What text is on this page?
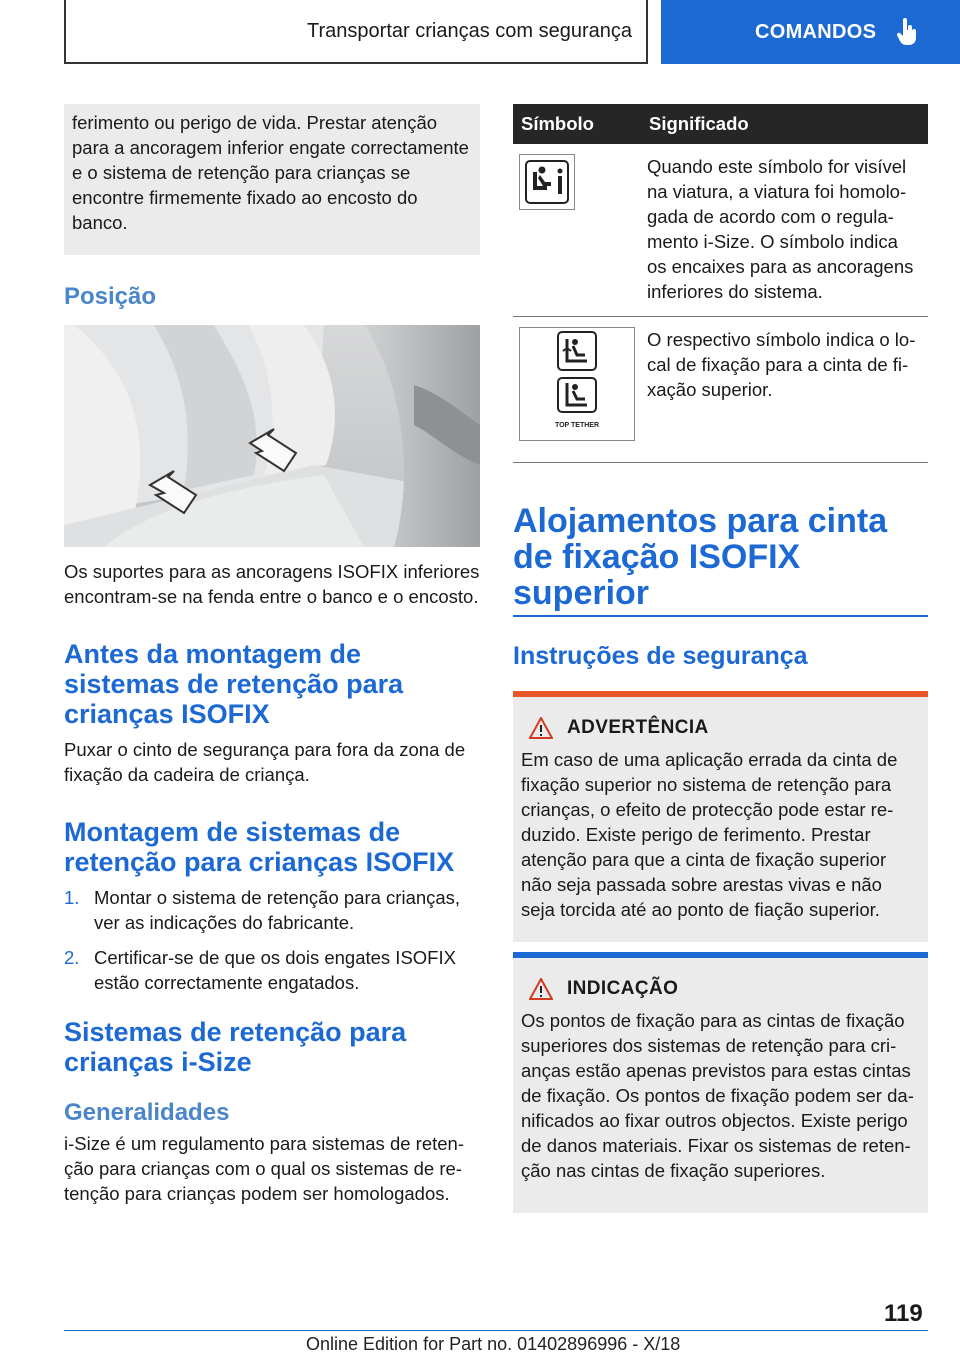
Transportar crianças com segurança	COMANDOS
ferimento ou perigo de vida. Prestar atenção para a ancoragem inferior engate correctamente e o sistema de retenção para crianças se encontre firmemente fixado ao encosto do banco.
Posição

Os suportes para as ancoragens ISOFIX inferiores encontram-se na fenda entre o banco e o encosto.

Antes da montagem de sistemas de retenção para crianças ISOFIX

Puxar o cinto de segurança para fora da zona de fixação da cadeira de criança.

Montagem de sistemas de retenção para crianças ISOFIX
1. Montar o sistema de retenção para crianças, ver as indicações do fabricante.
2. Certificar-se de que os dois engates ISOFIX estão correctamente engatados.
Sistemas de retenção para crianças i-Size
Generalidades

i-Size é um regulamento para sistemas de retenção para crianças com o qual os sistemas de retenção para crianças podem ser homologados.

Símbolo	Significado

	Quando este símbolo for visível na viatura, a viatura foi homologada de acordo com o regulamento i-Size. O símbolo indica os encaixes para as ancoragens inferiores do sistema.

TOP TETHER	O respectivo símbolo indica o local de fixação para a cinta de fixação superior.
Alojamentos para cinta de fixação ISOFIX superior
Instruções de segurança
ADVERTÊNCIA

Em caso de uma aplicação errada da cinta de fixação superior no sistema de retenção para crianças, o efeito de protecção pode estar reduzido. Existe perigo de ferimento. Prestar atenção para que a cinta de fixação superior não seja passada sobre arestas vivas e não seja torcida até ao ponto de fiação superior.

INDICAÇÃO

Os pontos de fixação para as cintas de fixação superiores dos sistemas de retenção para crianças estão apenas previstos para estas cintas de fixação. Os pontos de fixação podem ser danificados ao fixar outros objectos. Existe perigo de danos materiais. Fixar os sistemas de retenção nas cintas de fixação superiores.

119
Online Edition for Part no. 01402896996 - X/18
